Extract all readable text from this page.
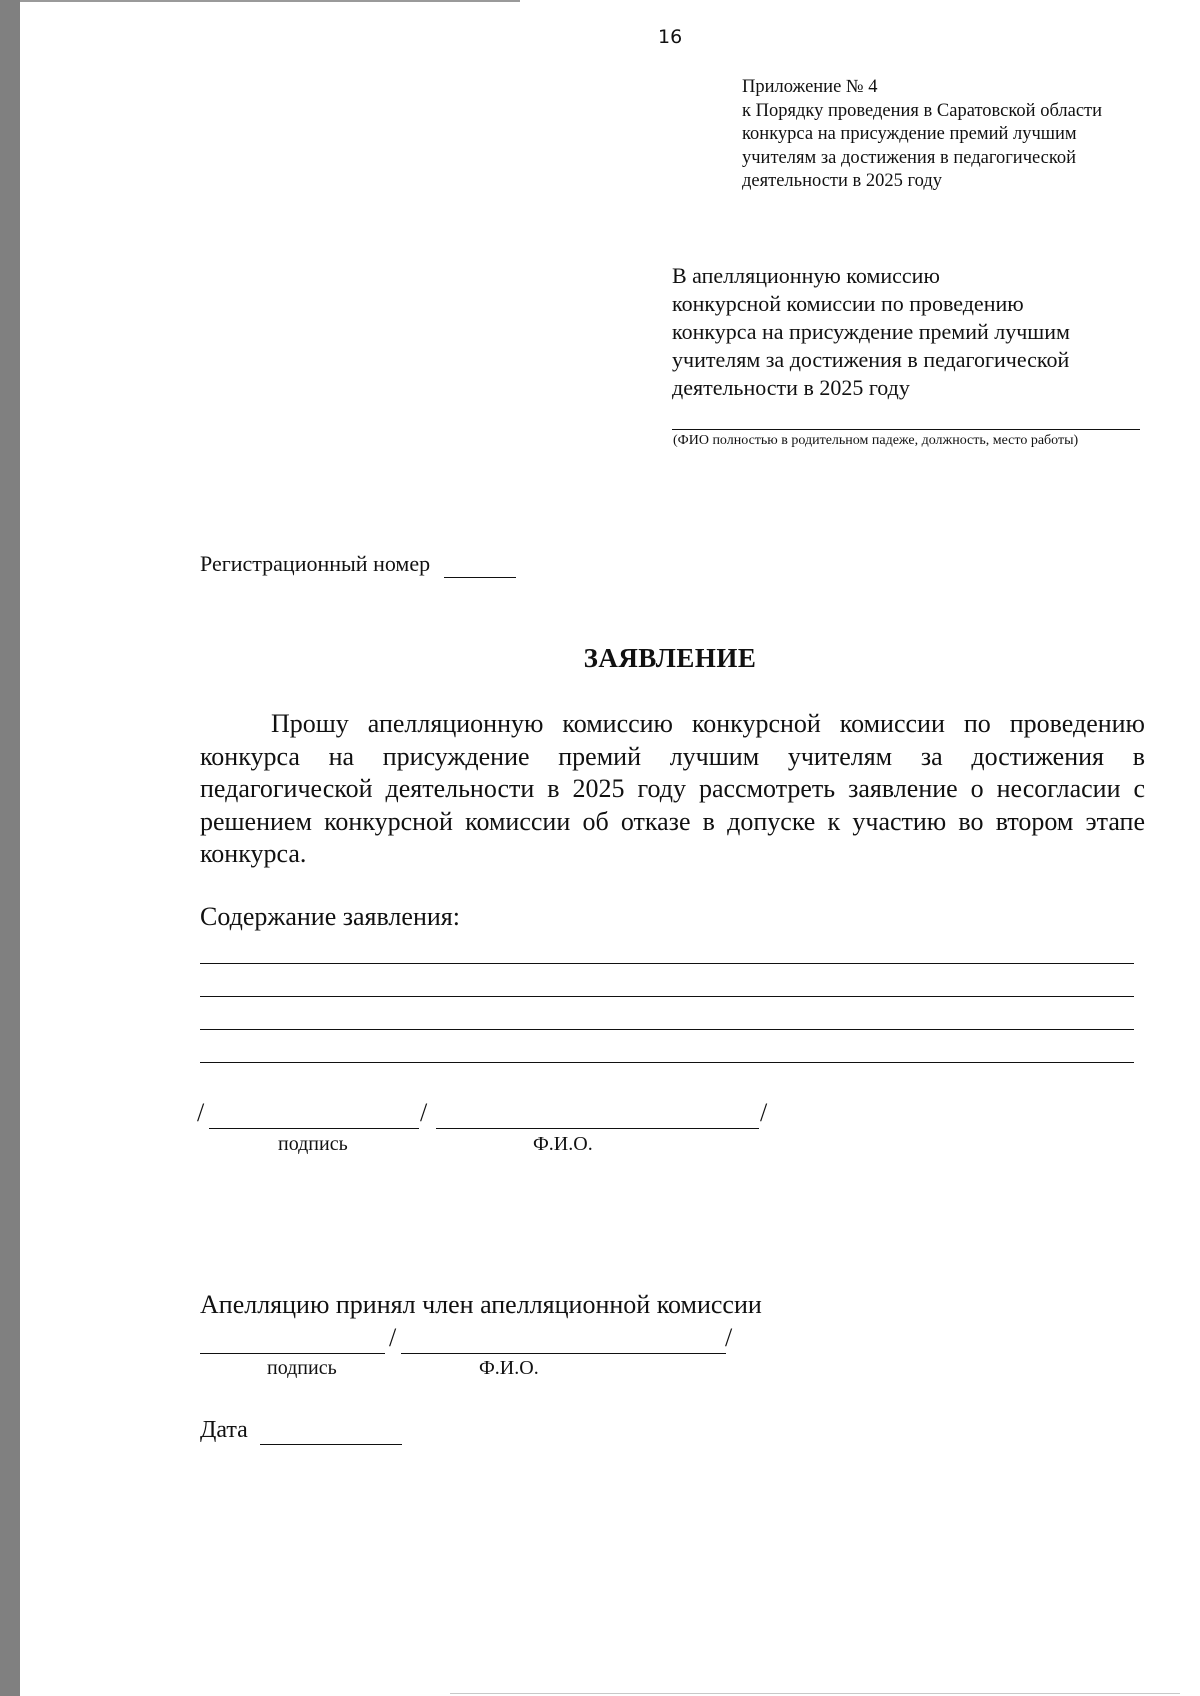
16
Приложение № 4
к Порядку проведения в Саратовской области
конкурса на присуждение премий лучшим
учителям за достижения в педагогической
деятельности в 2025 году
В апелляционную комиссию
конкурсной комиссии по проведению
конкурса на присуждение премий лучшим
учителям за достижения в педагогической
деятельности в 2025 году
(ФИО полностью в родительном падеже, должность, место работы)
Регистрационный номер
ЗАЯВЛЕНИЕ
Прошу апелляционную комиссию конкурсной комиссии по проведению конкурса на присуждение премий лучшим учителям за достижения в педагогической деятельности в 2025 году рассмотреть заявление о несогласии с решением конкурсной комиссии об отказе в допуске к участию во втором этапе конкурса.
Содержание заявления:
/	/	/
подпись	Ф.И.О.
Апелляцию принял член апелляционной комиссии
/	/
подпись	Ф.И.О.
Дата
